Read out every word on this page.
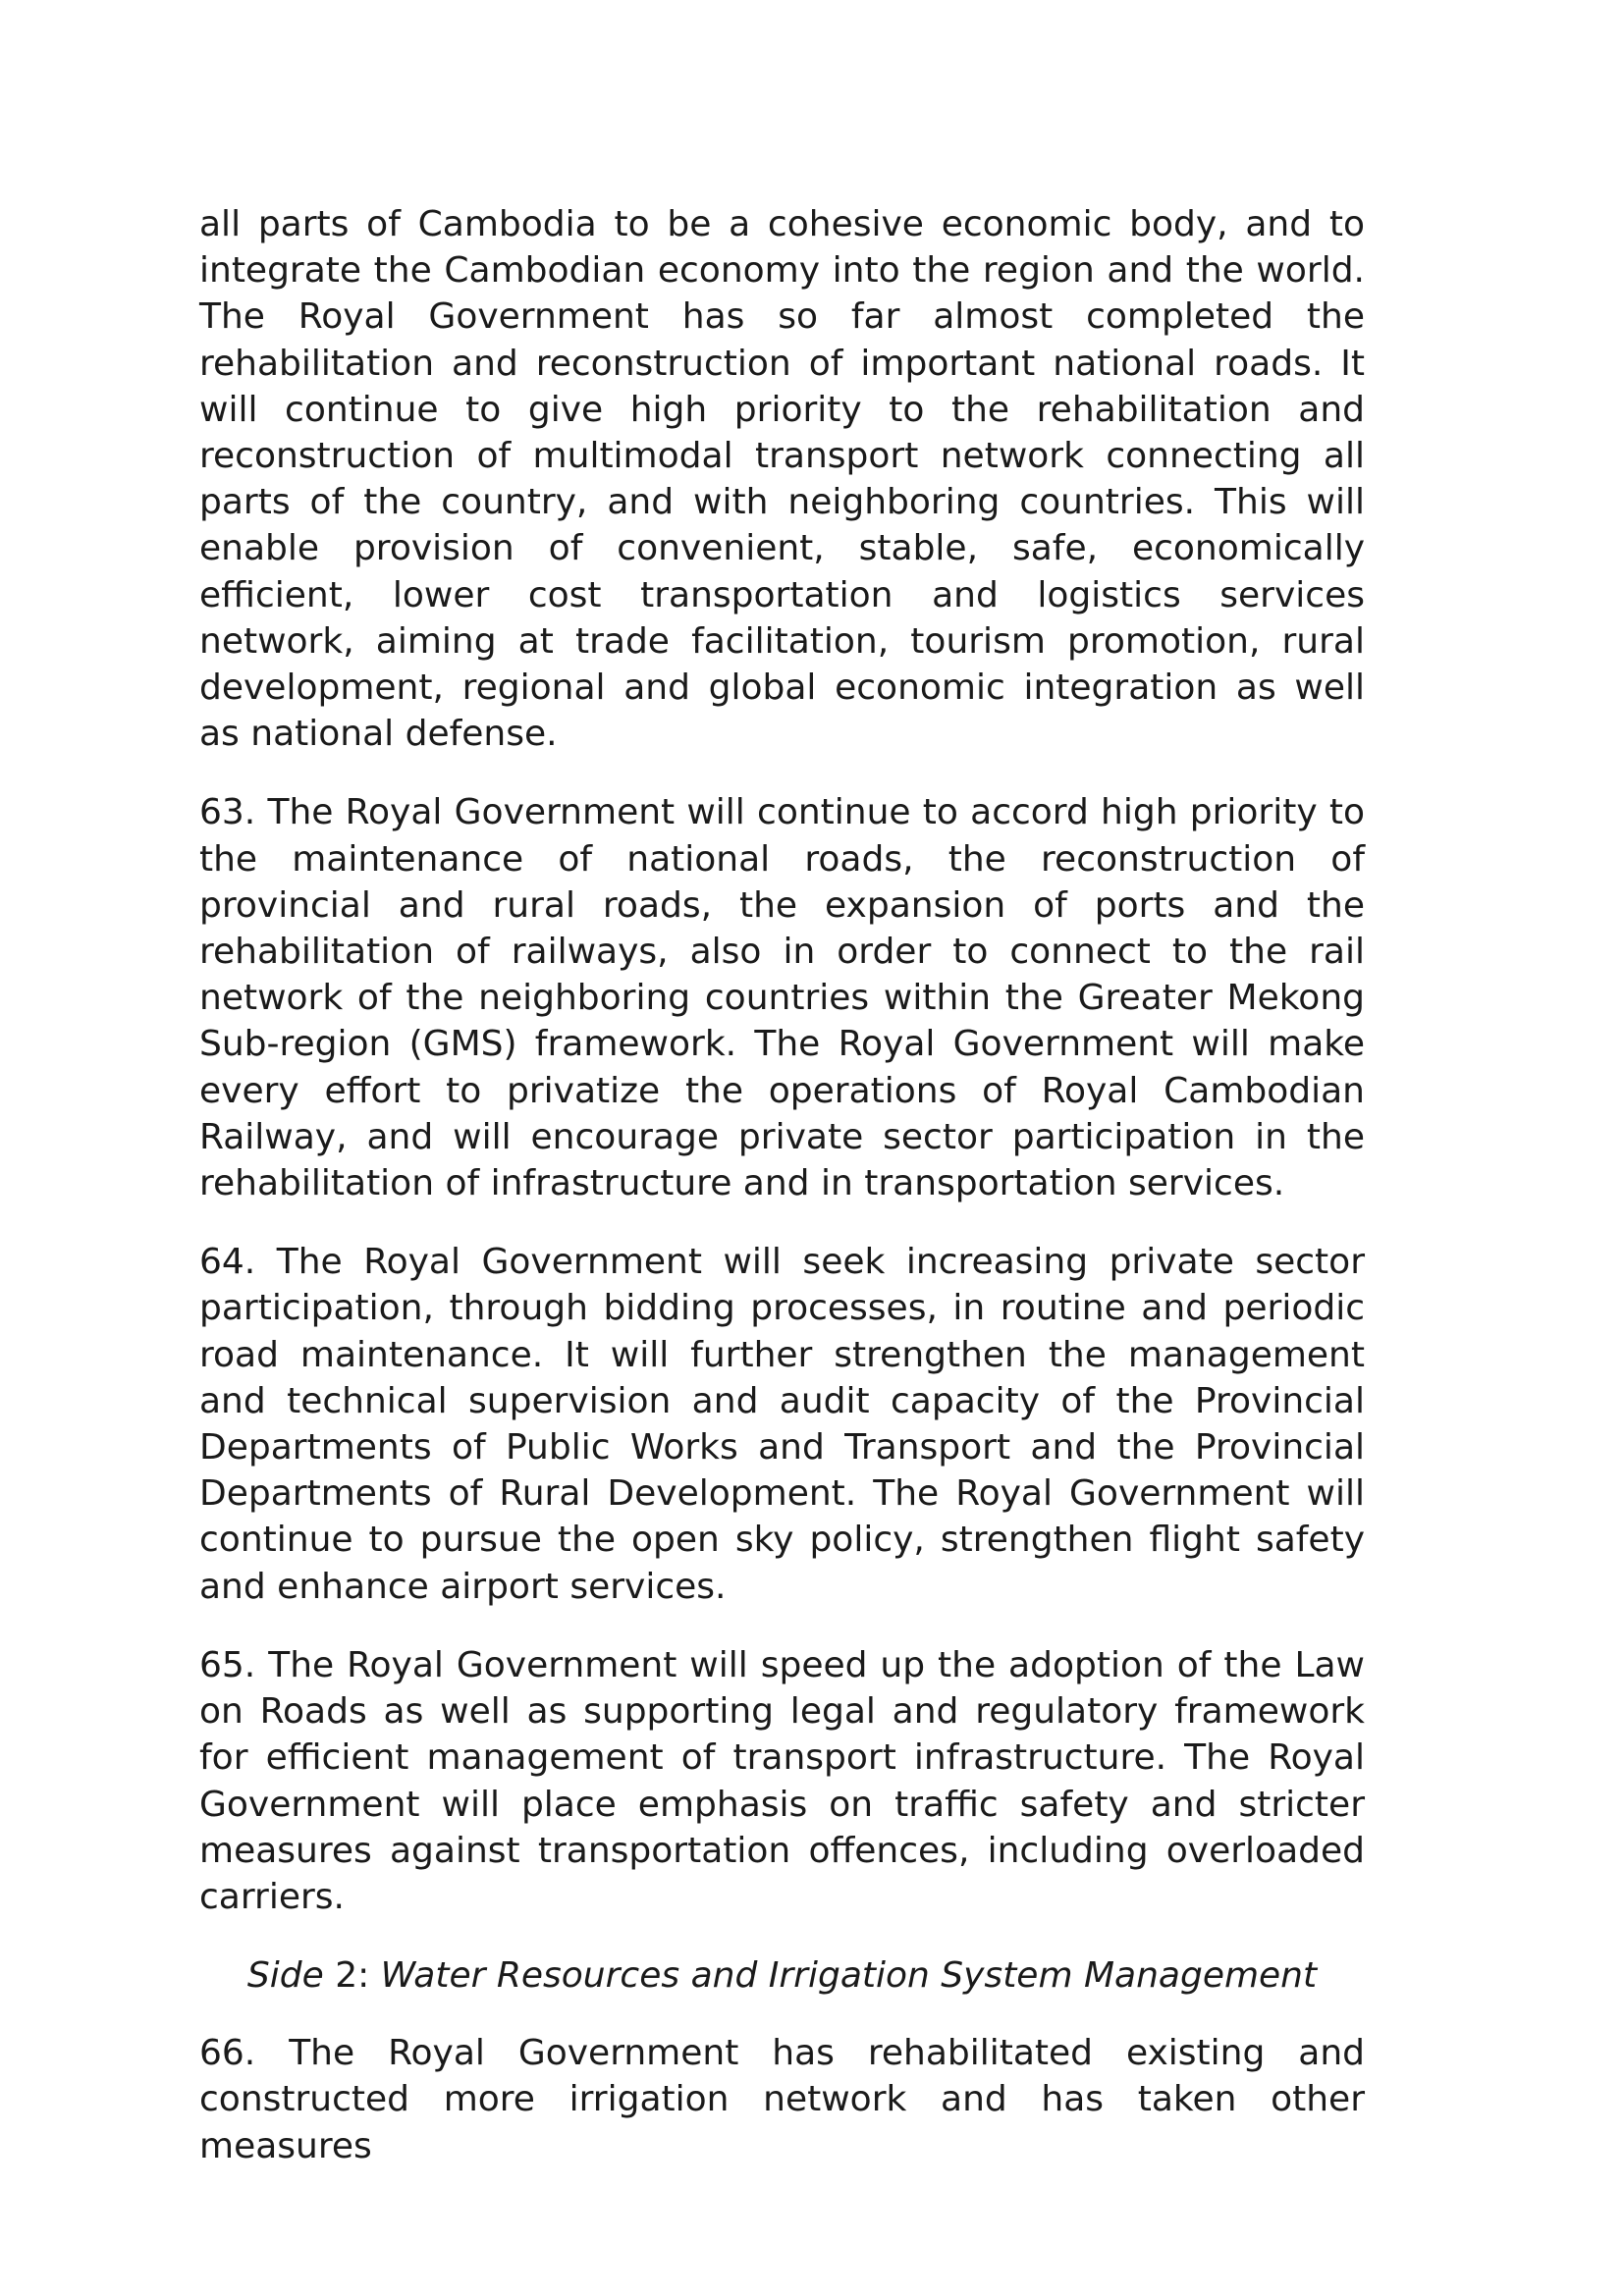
all parts of Cambodia to be a cohesive economic body, and to integrate the Cambodian economy into the region and the world. The Royal Government has so far almost completed the rehabilitation and reconstruction of important national roads. It will continue to give high priority to the rehabilitation and reconstruction of multimodal transport network connecting all parts of the country, and with neighboring countries. This will enable provision of convenient, stable, safe, economically efficient, lower cost transportation and logistics services network, aiming at trade facilitation, tourism promotion, rural development, regional and global economic integration as well as national defense.

63. The Royal Government will continue to accord high priority to the maintenance of national roads, the reconstruction of provincial and rural roads, the expansion of ports and the rehabilitation of railways, also in order to connect to the rail network of the neighboring countries within the Greater Mekong Sub-region (GMS) framework. The Royal Government will make every effort to privatize the operations of Royal Cambodian Railway, and will encourage private sector participation in the rehabilitation of infrastructure and in transportation services.

64. The Royal Government will seek increasing private sector participation, through bidding processes, in routine and periodic road maintenance. It will further strengthen the management and technical supervision and audit capacity of the Provincial Departments of Public Works and Transport and the Provincial Departments of Rural Development. The Royal Government will continue to pursue the open sky policy, strengthen flight safety and enhance airport services.

65. The Royal Government will speed up the adoption of the Law on Roads as well as supporting legal and regulatory framework for efficient management of transport infrastructure. The Royal Government will place emphasis on traffic safety and stricter measures against transportation offences, including overloaded carriers.

Side 2: Water Resources and Irrigation System Management

66. The Royal Government has rehabilitated existing and constructed more irrigation network and has taken other measures
